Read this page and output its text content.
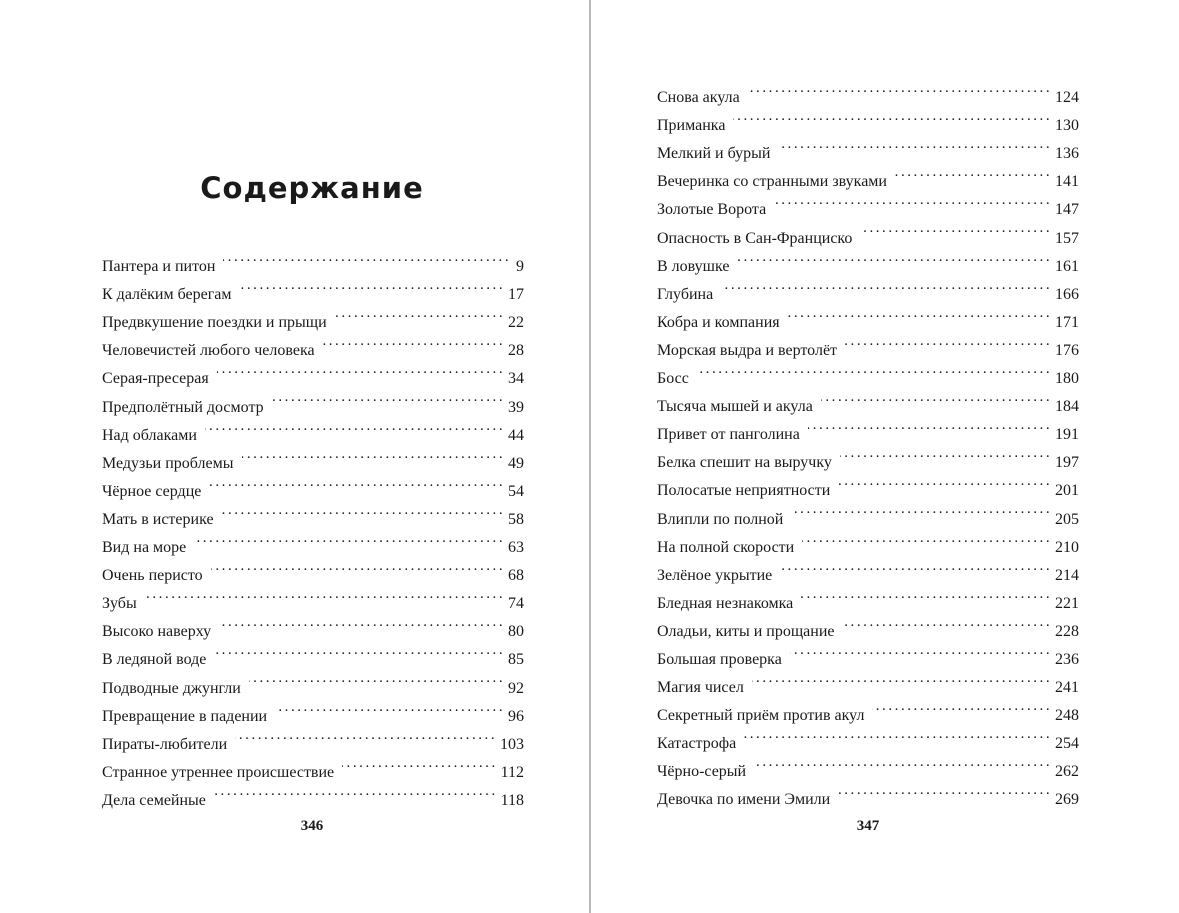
Содержание
Пантера и питон . . .	9
К далёким берегам . . .	17
Предвкушение поездки и прыщи . . .	22
Человечистей любого человека . . .	28
Серая-пресерая . . .	34
Предполётный досмотр . . .	39
Над облаками . . .	44
Медузьи проблемы . . .	49
Чёрное сердце . . .	54
Мать в истерике . . .	58
Вид на море . . .	63
Очень перисто . . .	68
Зубы . . .	74
Высоко наверху . . .	80
В ледяной воде . . .	85
Подводные джунгли . . .	92
Превращение в падении . . .	96
Пираты-любители . . .	103
Странное утреннее происшествие . . .	112
Дела семейные . . .	118
346
Снова акула . . .	124
Приманка . . .	130
Мелкий и бурый . . .	136
Вечеринка со странными звуками . . .	141
Золотые Ворота . . .	147
Опасность в Сан-Франциско . . .	157
В ловушке . . .	161
Глубина . . .	166
Кобра и компания . . .	171
Морская выдра и вертолёт . . .	176
Босс . . .	180
Тысяча мышей и акула . . .	184
Привет от панголина . . .	191
Белка спешит на выручку . . .	197
Полосатые неприятности . . .	201
Влипли по полной . . .	205
На полной скорости . . .	210
Зелёное укрытие . . .	214
Бледная незнакомка . . .	221
Оладьи, киты и прощание . . .	228
Большая проверка . . .	236
Магия чисел . . .	241
Секретный приём против акул . . .	248
Катастрофа . . .	254
Чёрно-серый . . .	262
Девочка по имени Эмили . . .	269
347
